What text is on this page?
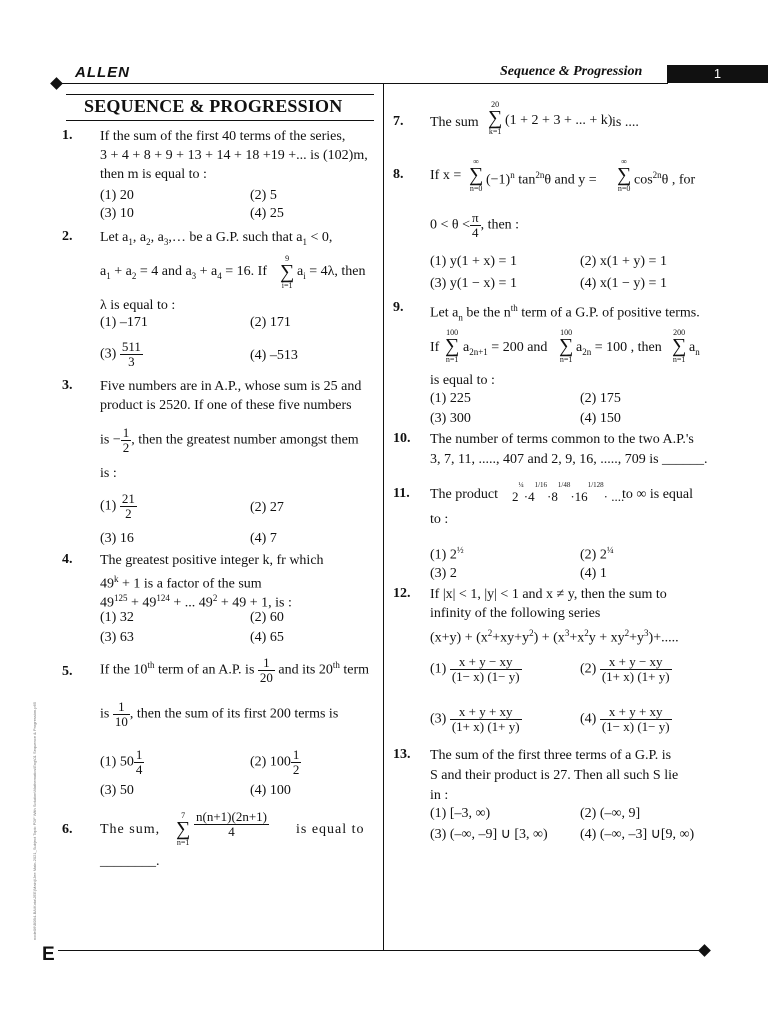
ALLEN	Sequence & Progression	1
SEQUENCE & PROGRESSION
node06\B0B4-BA\Kota\JEE(Main)\Jee Main-2021_Subject Topic PDF With Solution\Mathematics\Eng\01 Sequence & Progression.p65
1. If the sum of the first 40 terms of the series,
3 + 4 + 8 + 9 + 13 + 14 + 18 +19 +... is (102)m,
then m is equal to :
(1) 20	(2) 5
(3) 10	(4) 25
2. Let $a_1$, $a_2$, $a_3,\dots$ be a G.P. such that $a_1 < 0$,
$a_1 + a_2 = 4$ and $a_3 + a_4 = 16$. If
9
∑
i=1
$a_i = 4\lambda$, then
λ is equal to :
(1) –171	(2) 171
$(3) \frac{511}{3}$	(4) –513
3. Five numbers are in A.P., whose sum is 25 and
product is 2520. If one of these five numbers
is − $\frac{1}{2}$ , then the greatest number amongst them
is :
$(1) \frac{21}{2}$	(2) 27
(3) 16	(4) 7
4. The greatest positive integer k, fr which
$49^k + 1$ is a factor of the sum
$49^{125} + 49^{124}$ + ... $49^2 + 49 + 1$, is :
(1) 32	(2) 60
(3) 63	(4) 65
5. If the 10th term of an A.P. is $\frac{1}{20}$ and its 20th term
is $\frac{1}{10}$ , then the sum of its first 200 terms is
(1) $50 \frac{1}{4}$	(2) $100 \frac{1}{2}$
(3) 50	(4) 100
6. The sum,
7
∑
n=1
$\frac{n(n+1)(2n+1)}{4}$ is equal to
________.
7. The sum
20
∑
k=1
(1 + 2 + 3 + ... + k) is ....
8. If x =
∞
∑
n=0
$(-1)^n$ $\tan^{2n}\theta$ and y =
∞
∑
n=0
$\cos^{2n}\theta$ , for
$0 < \theta < \frac{\pi}{4}$ , then :
(1) y(1 + x) = 1	(2) x(1 + y) = 1
(3) y(1 − x) = 1	(4) x(1 − y) = 1
9. Let $a_n$ be the $n^{th}$ term of a G.P. of positive terms.
If
100
∑
n=1
$a_{2n+1} = 200$ and
100
∑
n=1
$a_{2n} = 100$ , then
200
∑
n=1
$a_n$
is equal to :
(1) 225	(2) 175
(3) 300	(4) 150
10. The number of terms common to the two A.P.'s
3, 7, 11, ....., 407 and 2, 9, 16, ....., 709 is ______.
11. The product $2^{\frac{1}{4}}\cdot 4^{1/16}\cdot 8^{1/48}\cdot 16^{1/128}\cdot$ ....
to ∞ is equal
to :
(1) $2^{\frac{1}{2}}$	(2) $2^{\frac{1}{4}}$
(3) 2	(4) 1
12. If |x| < 1, |y| < 1 and x ≠ y, then the sum to
infinity of the following series
$(x+y) + (x^2+xy+y^2) + (x^3+x^2y + xy^2+y^3)+$.....
$(1) \frac{x + y - xy}{(1- x) (1- y)}$	$(2) \frac{x + y - xy}{(1+ x) (1+ y)}$
$(3) \frac{x + y + xy}{(1+ x) (1+ y)}$	$(4) \frac{x + y + xy}{(1- x) (1- y)}$
13. The sum of the first three terms of a G.P. is
S and their product is 27. Then all such S lie
in :
(1) [–3, ∞)	(2) (–∞, 9]
(3) (–∞, –9] ∪ [3, ∞) (4) (–∞, –3] ∪[9, ∞)
E
